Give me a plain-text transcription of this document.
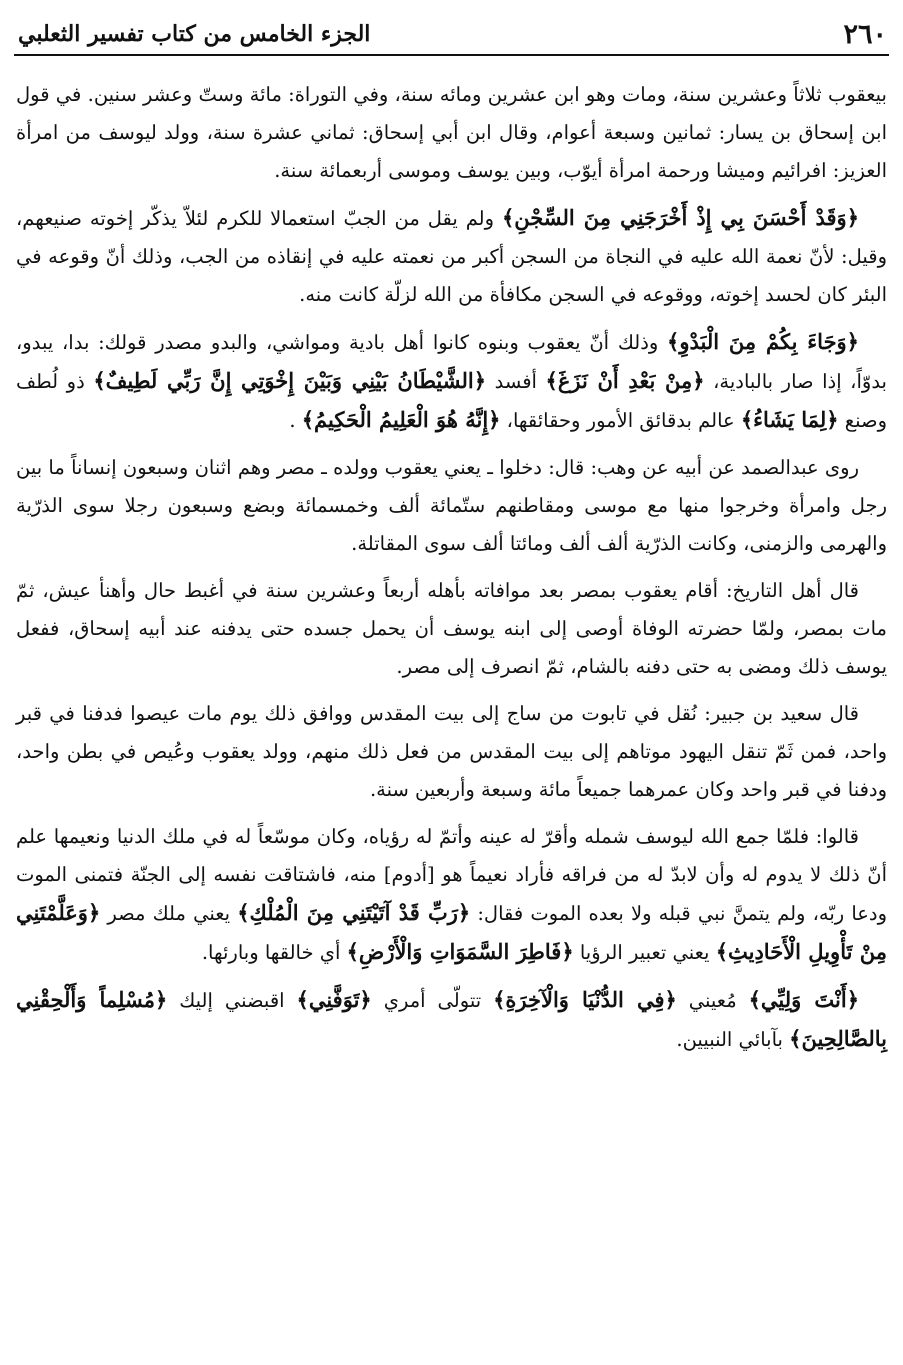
٢٦٠
الجزء الخامس من كتاب تفسير الثعلبي

بيعقوب ثلاثاً وعشرين سنة، ومات وهو ابن عشرين ومائه سنة، وفي التوراة: مائة وستّ وعشر سنين. في قول ابن إسحاق بن يسار: ثمانين وسبعة أعوام، وقال ابن أبي إسحاق: ثماني عشرة سنة، وولد ليوسف من امرأة العزيز: افرائيم وميشا ورحمة امرأة أيوّب، وبين يوسف وموسى أربعمائة سنة.

﴿وَقَدْ أَحْسَنَ بِي إِذْ أَخْرَجَنِي مِنَ السِّجْنِ﴾ ولم يقل من الجبّ استعمالا للكرم لئلاّ يذكّر إخوته صنيعهم، وقيل: لأنّ نعمة الله عليه في النجاة من السجن أكبر من نعمته عليه في إنقاذه من الجب، وذلك أنّ وقوعه في البئر كان لحسد إخوته، ووقوعه في السجن مكافأة من الله لزلّة كانت منه.

﴿وَجَاءَ بِكُمْ مِنَ الْبَدْوِ﴾ وذلك أنّ يعقوب وبنوه كانوا أهل بادية ومواشي، والبدو مصدر قولك: بدا، يبدو، بدوّاً، إذا صار بالبادية، ﴿مِنْ بَعْدِ أَنْ نَزَغَ﴾ أفسد ﴿الشَّيْطَانُ بَيْنِي وَبَيْنَ إِخْوَتِي إِنَّ رَبِّي لَطِيفٌ﴾ ذو لُطف وصنع ﴿لِمَا يَشَاءُ﴾ عالم بدقائق الأمور وحقائقها، ﴿إِنَّهُ هُوَ الْعَلِيمُ الْحَكِيمُ﴾ .

روى عبدالصمد عن أبيه عن وهب: قال: دخلوا ـ يعني يعقوب وولده ـ مصر وهم اثنان وسبعون إنساناً ما بين رجل وامرأة وخرجوا منها مع موسى ومقاطنهم ستّمائة ألف وخمسمائة وبضع وسبعون رجلا سوى الذرّية والهرمى والزمنى، وكانت الذرّية ألف ألف ومائتا ألف سوى المقاتلة.

قال أهل التاريخ: أقام يعقوب بمصر بعد موافاته بأهله أربعاً وعشرين سنة في أغبط حال وأهنأ عيش، ثمّ مات بمصر، ولمّا حضرته الوفاة أوصى إلى ابنه يوسف أن يحمل جسده حتى يدفنه عند أبيه إسحاق، ففعل يوسف ذلك ومضى به حتى دفنه بالشام، ثمّ انصرف إلى مصر.

قال سعيد بن جبير: نُقل في تابوت من ساج إلى بيت المقدس ووافق ذلك يوم مات عيصوا فدفنا في قبر واحد، فمن ثَمّ تنقل اليهود موتاهم إلى بيت المقدس من فعل ذلك منهم، وولد يعقوب وعُيص في بطن واحد، ودفنا في قبر واحد وكان عمرهما جميعاً مائة وسبعة وأربعين سنة.

قالوا: فلمّا جمع الله ليوسف شمله وأقرّ له عينه وأتمّ له رؤياه، وكان موسّعاً له في ملك الدنيا ونعيمها علم أنّ ذلك لا يدوم له وأن لابدّ له من فراقه فأراد نعيماً هو [أدوم] منه، فاشتاقت نفسه إلى الجنّة فتمنى الموت ودعا ربّه، ولم يتمنَّ نبي قبله ولا بعده الموت فقال: ﴿رَبِّ قَدْ آتَيْتَنِي مِنَ الْمُلْكِ﴾ يعني ملك مصر ﴿وَعَلَّمْتَنِي مِنْ تَأْوِيلِ الْأَحَادِيثِ﴾ يعني تعبير الرؤيا ﴿فَاطِرَ السَّمَوَاتِ وَالْأَرْضِ﴾ أي خالقها وبارئها.

﴿أَنْتَ وَلِيِّي﴾ مُعيني ﴿فِي الدُّنْيَا وَالْآخِرَةِ﴾ تتولّى أمري ﴿تَوَفَّنِي﴾ اقبضني إليك ﴿مُسْلِماً وَأَلْحِقْنِي بِالصَّالِحِينَ﴾ بآبائي النبيين.
